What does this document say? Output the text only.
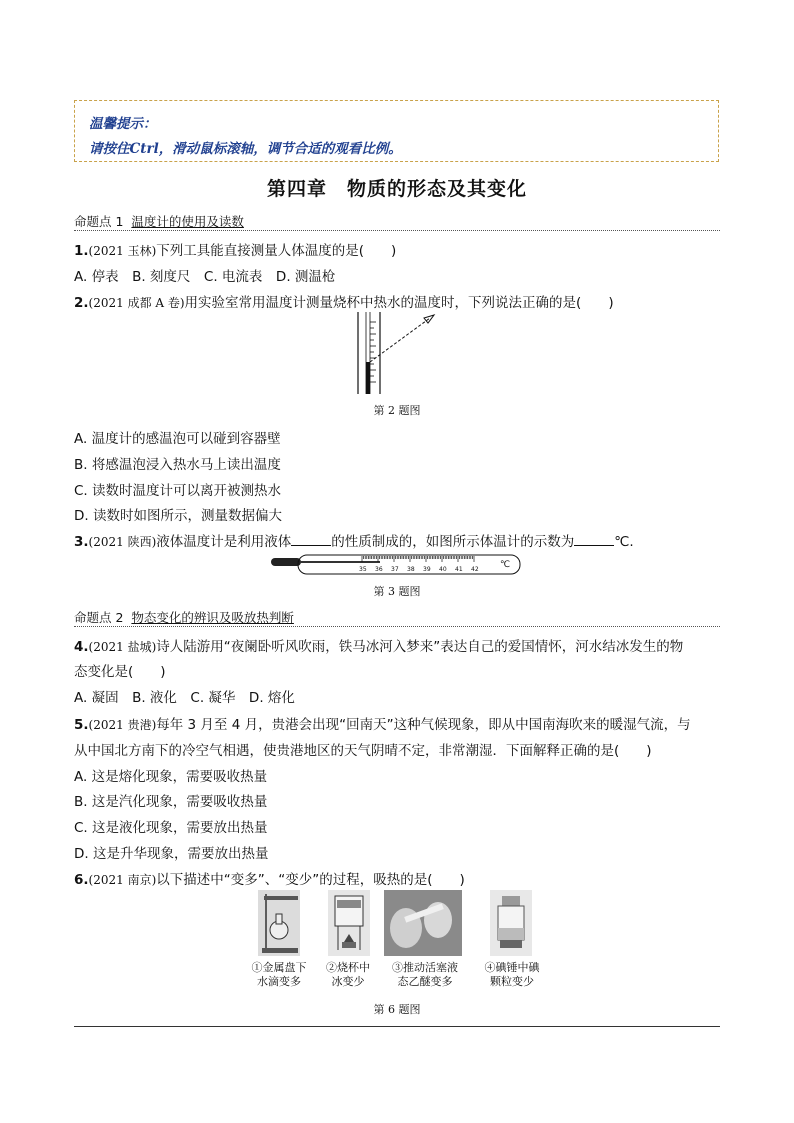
温馨提示：
请按住Ctrl，滑动鼠标滚轴，调节合适的观看比例。
第四章　物质的形态及其变化
命题点 1 温度计的使用及读数
1.(2021 玉林)下列工具能直接测量人体温度的是(　　)
A. 停表　B. 刻度尺　C. 电流表　D. 测温枪
2.(2021 成都 A 卷)用实验室常用温度计测量烧杯中热水的温度时，下列说法正确的是(　　)
第 2 题图
A. 温度计的感温泡可以碰到容器壁
B. 将感温泡浸入热水马上读出温度
C. 读数时温度计可以离开被测热水
D. 读数时如图所示，测量数据偏大
3.(2021 陕西)液体温度计是利用液体	的性质制成的，如图所示体温计的示数为	℃.
35 36 37 38 39 40 41 42 ℃
第 3 题图
命题点 2 物态变化的辨识及吸放热判断
4.(2021 盐城)诗人陆游用“夜阑卧听风吹雨，铁马冰河入梦来”表达自己的爱国情怀，河水结冰发生的物
态变化是(　　)
A. 凝固　B. 液化　C. 凝华　D. 熔化
5.(2021 贵港)每年 3 月至 4 月，贵港会出现“回南天”这种气候现象，即从中国南海吹来的暖湿气流，与
从中国北方南下的冷空气相遇，使贵港地区的天气阴晴不定，非常潮湿．下面解释正确的是(　　)
A. 这是熔化现象，需要吸收热量
B. 这是汽化现象，需要吸收热量
C. 这是液化现象，需要放出热量
D. 这是升华现象，需要放出热量
6.(2021 南京)以下描述中“变多”、“变少”的过程，吸热的是(　　)
①金属盘下
水滴变多
②烧杯中
冰变少
③推动活塞液
态乙醚变多
④碘锤中碘
颗粒变少
第 6 题图
